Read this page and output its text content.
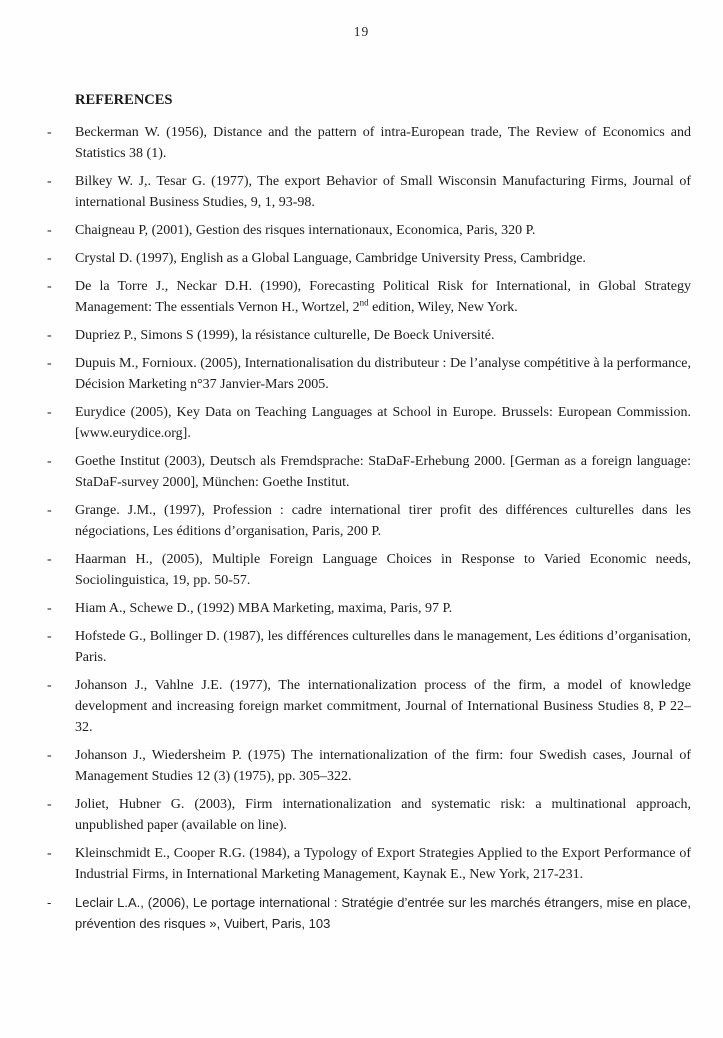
19
REFERENCES

- Beckerman W. (1956), Distance and the pattern of intra-European trade, The Review of Economics and Statistics 38 (1).

- Bilkey W. J,. Tesar G. (1977), The export Behavior of Small Wisconsin Manufacturing Firms, Journal of international Business Studies, 9, 1, 93-98.

- Chaigneau P, (2001), Gestion des risques internationaux, Economica, Paris, 320 P.

- Crystal D. (1997), English as a Global Language, Cambridge University Press, Cambridge.

- De la Torre J., Neckar D.H. (1990), Forecasting Political Risk for International, in Global Strategy Management: The essentials Vernon H., Wortzel, 2nd edition, Wiley, New York.

- Dupriez P., Simons S (1999), la résistance culturelle, De Boeck Université.

- Dupuis M., Fornioux. (2005), Internationalisation du distributeur : De l’analyse compétitive à la performance, Décision Marketing n°37 Janvier-Mars 2005.

- Eurydice (2005), Key Data on Teaching Languages at School in Europe. Brussels: European Commission. [www.eurydice.org].

- Goethe Institut (2003), Deutsch als Fremdsprache: StaDaF-Erhebung 2000. [German as a foreign language: StaDaF-survey 2000], München: Goethe Institut.

- Grange. J.M., (1997), Profession : cadre international tirer profit des différences culturelles dans les négociations, Les éditions d’organisation, Paris, 200 P.

- Haarman H., (2005), Multiple Foreign Language Choices in Response to Varied Economic needs, Sociolinguistica, 19, pp. 50-57.

- Hiam A., Schewe D., (1992) MBA Marketing, maxima, Paris, 97 P.

- Hofstede G., Bollinger D. (1987), les différences culturelles dans le management, Les éditions d’organisation, Paris.

- Johanson J., Vahlne J.E. (1977), The internationalization process of the firm, a model of knowledge development and increasing foreign market commitment, Journal of International Business Studies 8, P 22–32.

- Johanson J., Wiedersheim P. (1975) The internationalization of the firm: four Swedish cases, Journal of Management Studies 12 (3) (1975), pp. 305–322.

- Joliet, Hubner G. (2003), Firm internationalization and systematic risk: a multinational approach, unpublished paper (available on line).

- Kleinschmidt E., Cooper R.G. (1984), a Typology of Export Strategies Applied to the Export Performance of Industrial Firms, in International Marketing Management, Kaynak E., New York, 217-231.

- Leclair L.A., (2006), Le portage international : Stratégie d’entrée sur les marchés étrangers, mise en place, prévention des risques », Vuibert, Paris, 103
